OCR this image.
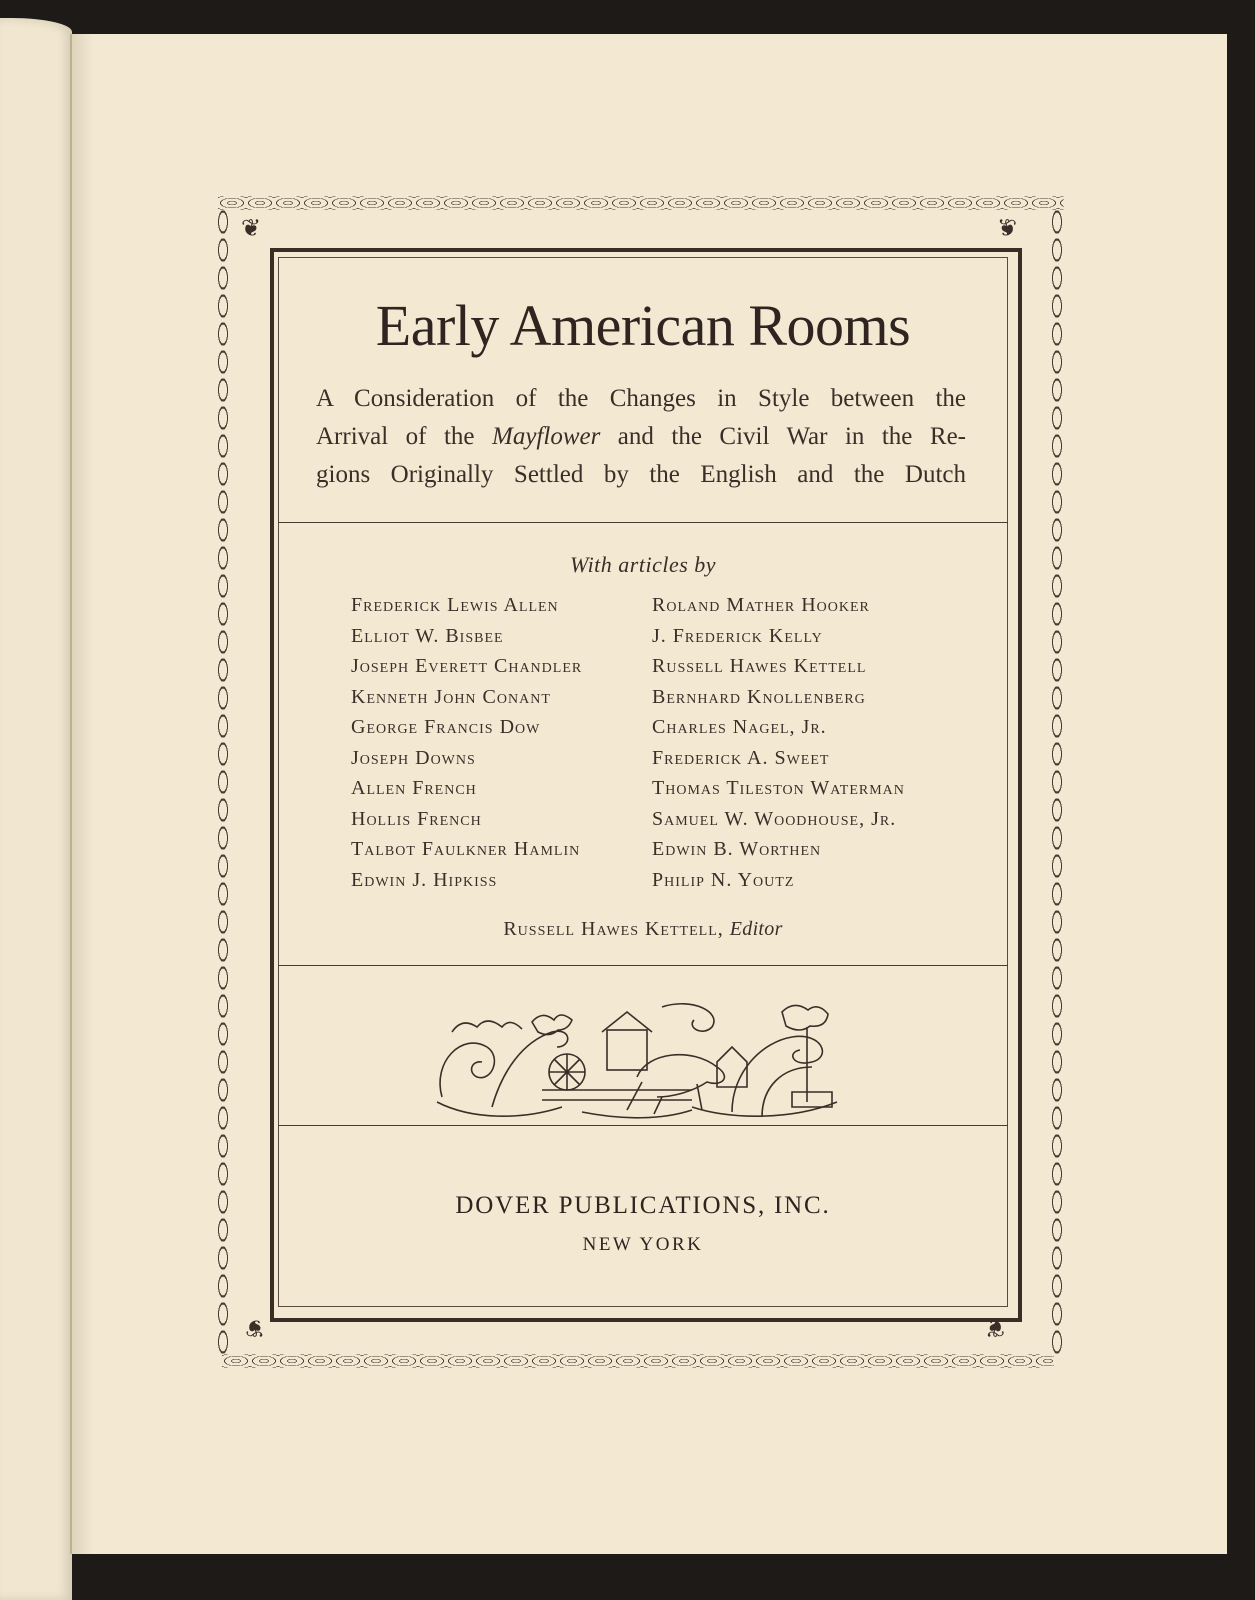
❦	❦
❦	❦
Early American Rooms
A Consideration of the Changes in Style between the
Arrival of the Mayflower and the Civil War in the Re-
gions Originally Settled by the English and the Dutch
With articles by
Frederick Lewis Allen
Elliot W. Bisbee
Joseph Everett Chandler
Kenneth John Conant
George Francis Dow
Joseph Downs
Allen French
Hollis French
Talbot Faulkner Hamlin
Edwin J. Hipkiss
Roland Mather Hooker
J. Frederick Kelly
Russell Hawes Kettell
Bernhard Knollenberg
Charles Nagel, Jr.
Frederick A. Sweet
Thomas Tileston Waterman
Samuel W. Woodhouse, Jr.
Edwin B. Worthen
Philip N. Youtz
Russell Hawes Kettell, Editor
DOVER PUBLICATIONS, INC.
NEW YORK
